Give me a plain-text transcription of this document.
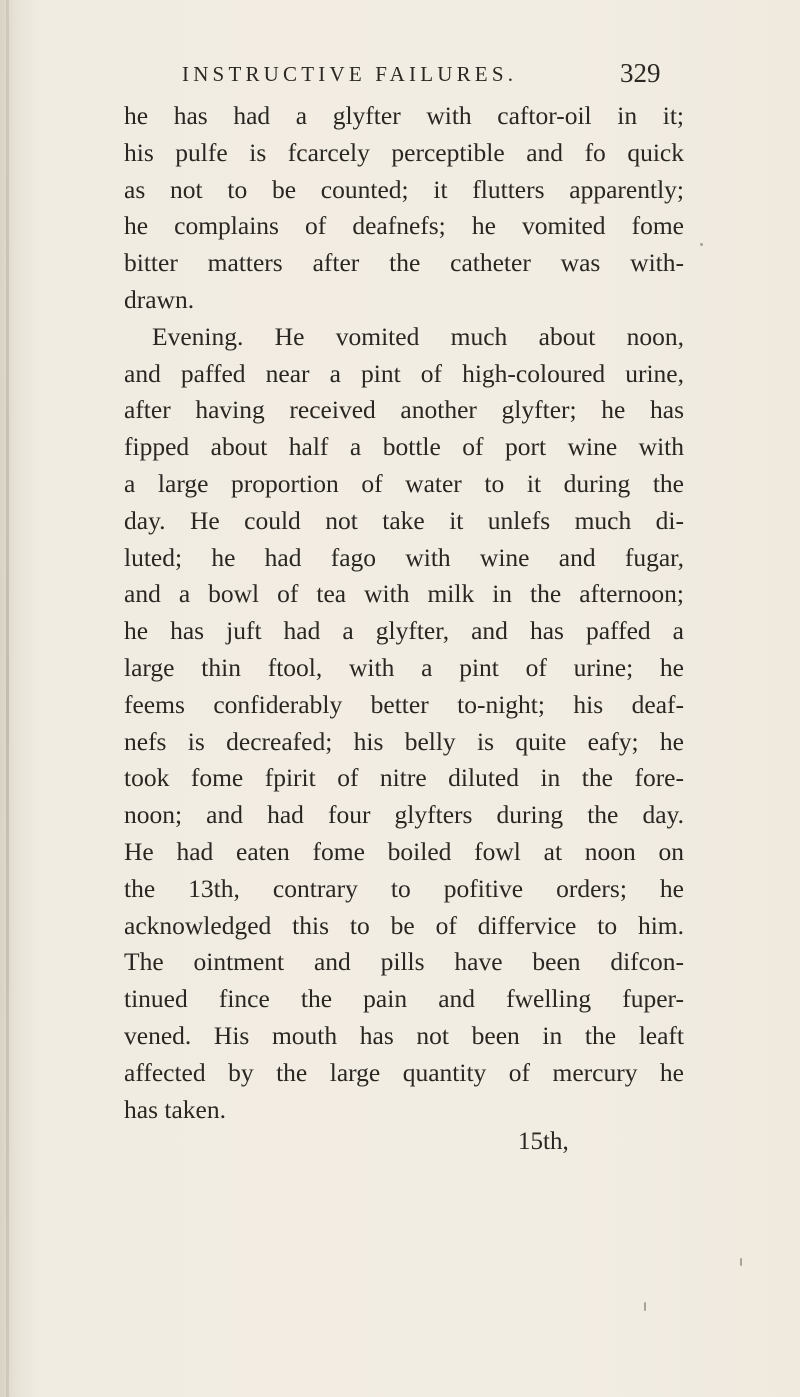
INSTRUCTIVE FAILURES.	329
he has had a glyfter with caftor-oil in it;
his pulfe is fcarcely perceptible and fo quick
as not to be counted; it flutters apparently;
he complains of deafnefs; he vomited fome
bitter matters after the catheter was with-
drawn.
Evening. He vomited much about noon,
and paffed near a pint of high-coloured urine,
after having received another glyfter; he has
fipped about half a bottle of port wine with
a large proportion of water to it during the
day. He could not take it unlefs much di-
luted; he had fago with wine and fugar,
and a bowl of tea with milk in the afternoon;
he has juft had a glyfter, and has paffed a
large thin ftool, with a pint of urine; he
feems confiderably better to-night; his deaf-
nefs is decreafed; his belly is quite eafy; he
took fome fpirit of nitre diluted in the fore-
noon; and had four glyfters during the day.
He had eaten fome boiled fowl at noon on
the 13th, contrary to pofitive orders; he
acknowledged this to be of differvice to him.
The ointment and pills have been difcon-
tinued fince the pain and fwelling fuper-
vened. His mouth has not been in the leaft
affected by the large quantity of mercury he
has taken.
15th,
